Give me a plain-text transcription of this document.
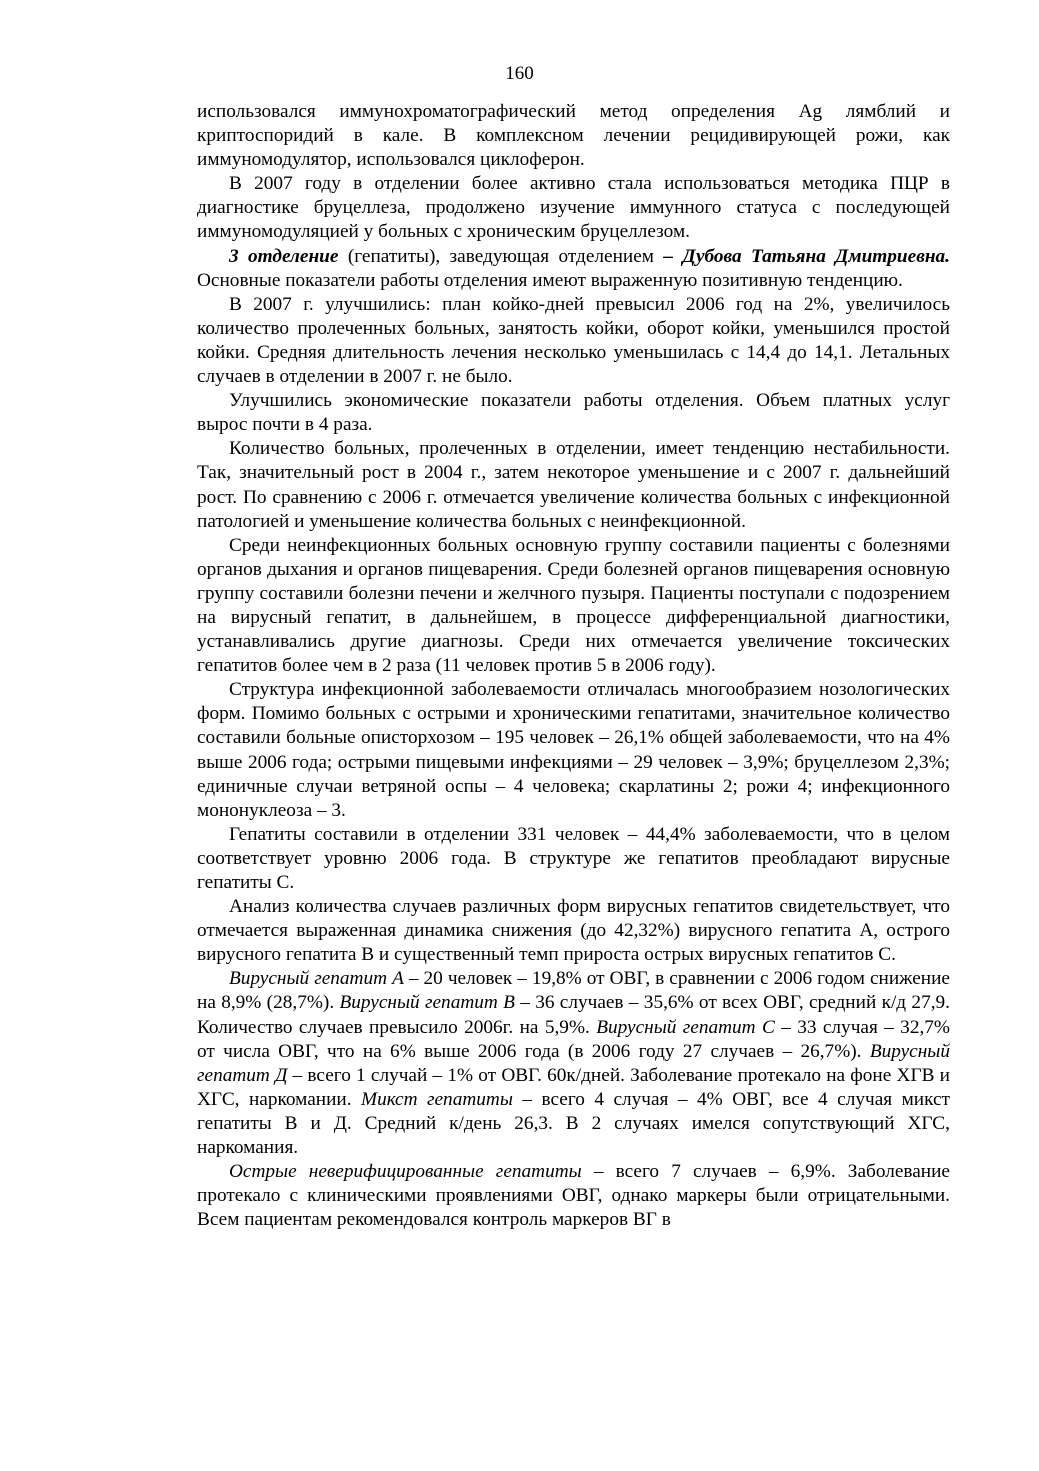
160

использовался иммунохроматографический метод определения Ag лямблий и криптоспоридий в кале. В комплексном лечении рецидивирующей рожи, как иммуномодулятор, использовался циклоферон.

В 2007 году в отделении более активно стала использоваться методика ПЦР в диагностике бруцеллеза, продолжено изучение иммунного статуса с последующей иммуномодуляцией у больных с хроническим бруцеллезом.

3 отделение (гепатиты), заведующая отделением – Дубова Татьяна Дмитриевна. Основные показатели работы отделения имеют выраженную позитивную тенденцию.

В 2007 г. улучшились: план койко-дней превысил 2006 год на 2%, увеличилось количество пролеченных больных, занятость койки, оборот койки, уменьшился простой койки. Средняя длительность лечения несколько уменьшилась с 14,4 до 14,1. Летальных случаев в отделении в 2007 г. не было.

Улучшились экономические показатели работы отделения. Объем платных услуг вырос почти в 4 раза.

Количество больных, пролеченных в отделении, имеет тенденцию нестабильности. Так, значительный рост в 2004 г., затем некоторое уменьшение и с 2007 г. дальнейший рост. По сравнению с 2006 г. отмечается увеличение количества больных с инфекционной патологией и уменьшение количества больных с неинфекционной.

Среди неинфекционных больных основную группу составили пациенты с болезнями органов дыхания и органов пищеварения. Среди болезней органов пищеварения основную группу составили болезни печени и желчного пузыря. Пациенты поступали с подозрением на вирусный гепатит, в дальнейшем, в процессе дифференциальной диагностики, устанавливались другие диагнозы. Среди них отмечается увеличение токсических гепатитов более чем в 2 раза (11 человек против 5 в 2006 году).

Структура инфекционной заболеваемости отличалась многообразием нозологических форм. Помимо больных с острыми и хроническими гепатитами, значительное количество составили больные описторхозом – 195 человек – 26,1% общей заболеваемости, что на 4% выше 2006 года; острыми пищевыми инфекциями – 29 человек – 3,9%; бруцеллезом 2,3%; единичные случаи ветряной оспы – 4 человека; скарлатины 2; рожи 4; инфекционного мононуклеоза – 3.

Гепатиты составили в отделении 331 человек – 44,4% заболеваемости, что в целом соответствует уровню 2006 года. В структуре же гепатитов преобладают вирусные гепатиты С.

Анализ количества случаев различных форм вирусных гепатитов свидетельствует, что отмечается выраженная динамика снижения (до 42,32%) вирусного гепатита А, острого вирусного гепатита В и существенный темп прироста острых вирусных гепатитов С.

Вирусный гепатит А – 20 человек – 19,8% от ОВГ, в сравнении с 2006 годом снижение на 8,9% (28,7%). Вирусный гепатит В – 36 случаев – 35,6% от всех ОВГ, средний к/д 27,9. Количество случаев превысило 2006г. на 5,9%. Вирусный гепатит С – 33 случая – 32,7% от числа ОВГ, что на 6% выше 2006 года (в 2006 году 27 случаев – 26,7%). Вирусный гепатит Д – всего 1 случай – 1% от ОВГ. 60к/дней. Заболевание протекало на фоне ХГВ и ХГС, наркомании. Микст гепатиты – всего 4 случая – 4% ОВГ, все 4 случая микст гепатиты В и Д. Средний к/день 26,3. В 2 случаях имелся сопутствующий ХГС, наркомания.

Острые неверифицированные гепатиты – всего 7 случаев – 6,9%. Заболевание протекало с клиническими проявлениями ОВГ, однако маркеры были отрицательными. Всем пациентам рекомендовался контроль маркеров ВГ в
